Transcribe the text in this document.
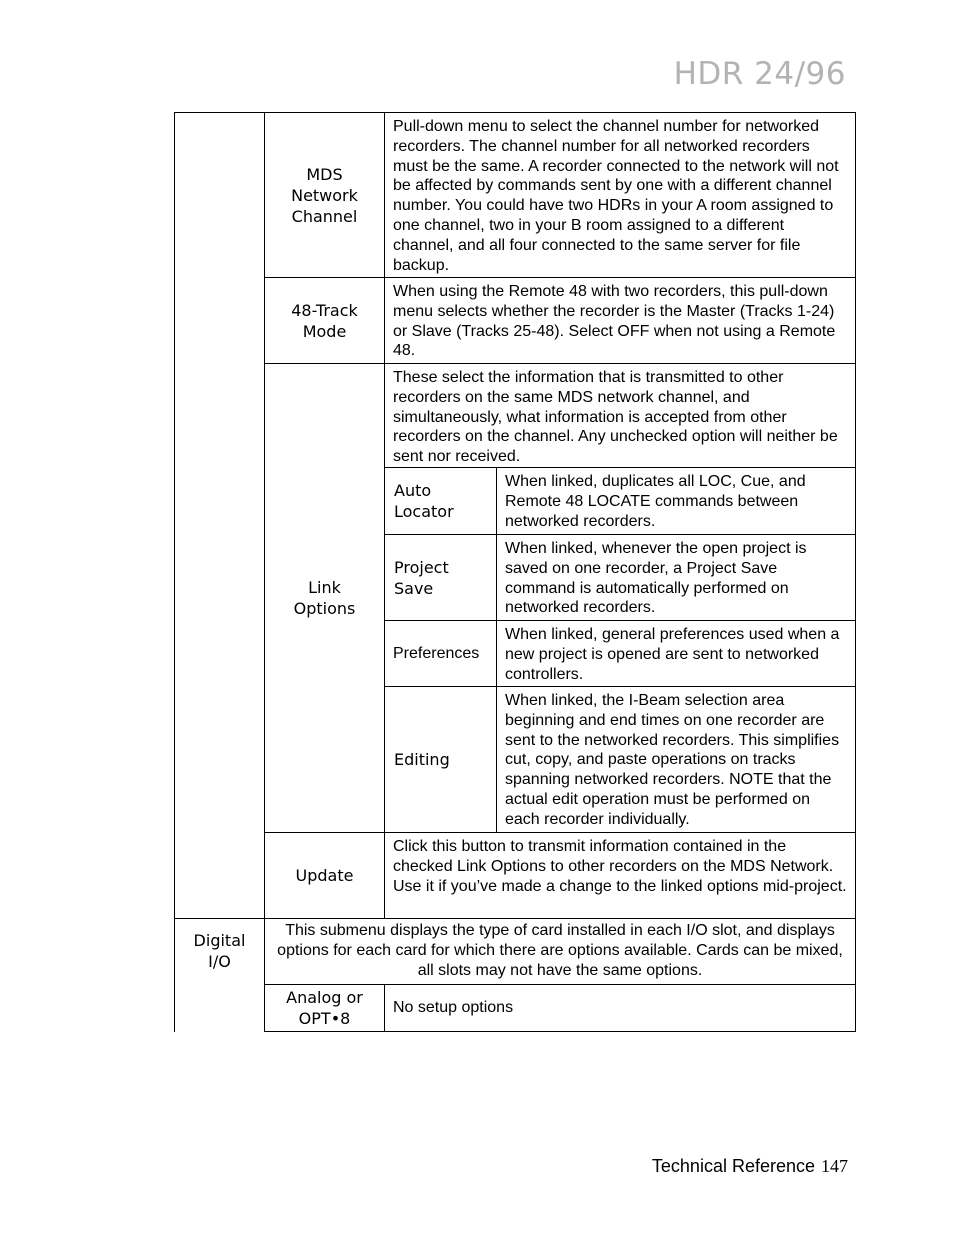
HDR 24/96
MDS Network Channel
Pull-down menu to select the channel number for networked recorders. The channel number for all networked recorders must be the same. A recorder connected to the network will not be affected by commands sent by one with a different channel number. You could have two HDRs in your A room assigned to one channel, two in your B room assigned to a different channel, and all four connected to the same server for file backup.
48-Track Mode
When using the Remote 48 with two recorders, this pull-down menu selects whether the recorder is the Master (Tracks 1-24) or Slave (Tracks 25-48). Select OFF when not using a Remote 48.
Link Options
These select the information that is transmitted to other recorders on the same MDS network channel, and simultaneously, what information is accepted from other recorders on the channel. Any unchecked option will neither be sent nor received.
Auto Locator
When linked, duplicates all LOC, Cue, and Remote 48 LOCATE commands between networked recorders.
Project Save
When linked, whenever the open project is saved on one recorder, a Project Save command is automatically performed on networked recorders.
Preferences
When linked, general preferences used when a new project is opened are sent to networked controllers.
Editing
When linked, the I-Beam selection area beginning and end times on one recorder are sent to the networked recorders. This simplifies cut, copy, and paste operations on tracks spanning networked recorders. NOTE that the actual edit operation must be performed on each recorder individually.
Update
Click this button to transmit information contained in the checked Link Options to other recorders on the MDS Network. Use it if you’ve made a change to the linked options mid-project.
Digital I/O
This submenu displays the type of card installed in each I/O slot, and displays options for each card for which there are options available. Cards can be mixed, all slots may not have the same options.
Analog or OPT•8
No setup options
Technical Reference 147
